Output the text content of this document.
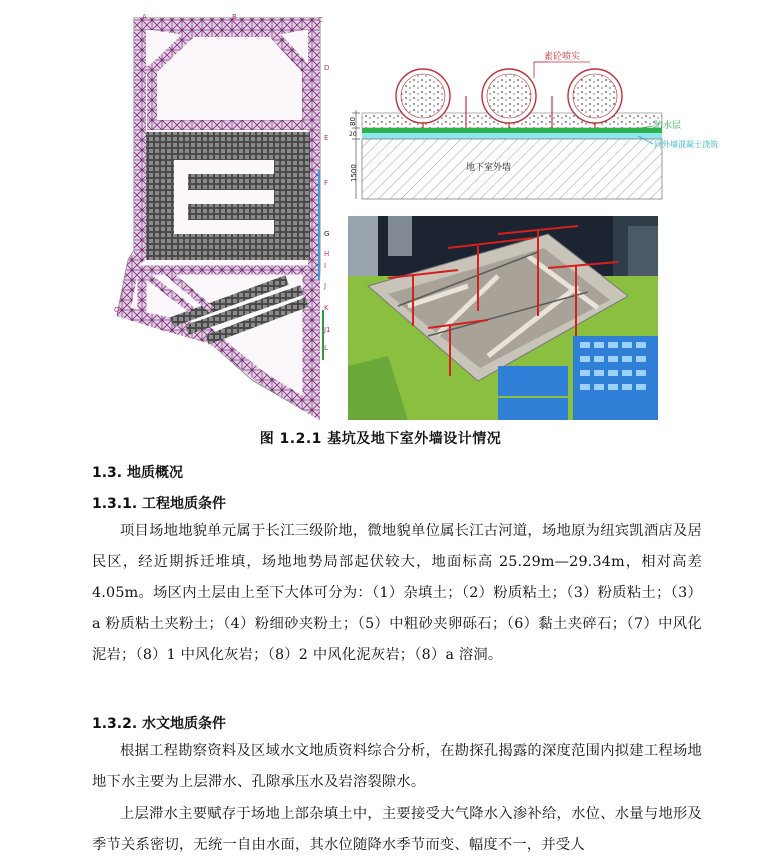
A	B	C
D
E
F
G
H
I
J
K
J1
L
Q
80
20
1500	地下室外墙
素砼喷实
防水层
同外墙混凝土浇筑
图 1.2.1 基坑及地下室外墙设计情况
1.3. 地质概况
1.3.1. 工程地质条件
项目场地地貌单元属于长江三级阶地，微地貌单位属长江古河道，场地原为纽宾凯酒店及居民区，经近期拆迁堆填，场地地势局部起伏较大，地面标高 25.29m—29.34m，相对高差 4.05m。场区内土层由上至下大体可分为：（1）杂填土；（2）粉质粘土；（3）粉质粘土；（3）a 粉质粘土夹粉土；（4）粉细砂夹粉土；（5）中粗砂夹卵砾石；（6）黏土夹碎石；（7）中风化泥岩；（8）1 中风化灰岩；（8）2 中风化泥灰岩；（8）a 溶洞。
1.3.2. 水文地质条件
根据工程勘察资料及区域水文地质资料综合分析，在勘探孔揭露的深度范围内拟建工程场地地下水主要为上层滞水、孔隙承压水及岩溶裂隙水。
上层滞水主要赋存于场地上部杂填土中，主要接受大气降水入渗补给，水位、水量与地形及季节关系密切，无统一自由水面，其水位随降水季节而变、幅度不一，并受人
